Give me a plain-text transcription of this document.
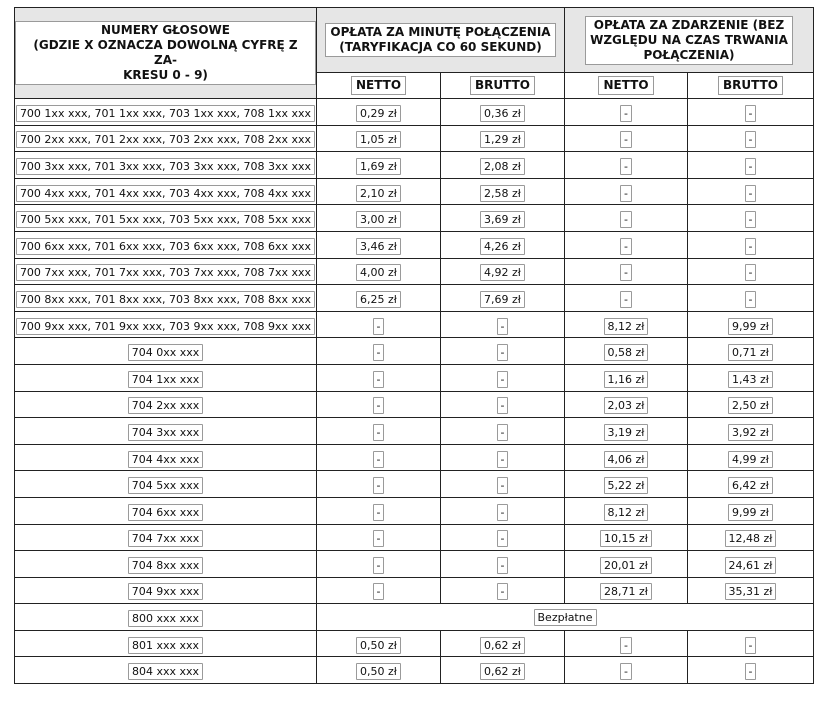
NUMERY GŁOSOWE
(GDZIE X OZNACZA DOWOLNĄ CYFRĘ Z ZA-
KRESU 0 - 9)	OPŁATA ZA MINUTĘ POŁĄCZENIA
(TARYFIKACJA CO 60 SEKUND)		OPŁATA ZA ZDARZENIE (BEZ
WZGLĘDU NA CZAS TRWANIA
POŁĄCZENIA)	
	NETTO	BRUTTO	NETTO	BRUTTO
700 1xx xxx, 701 1xx xxx, 703 1xx xxx, 708 1xx xxx	0,29 zł	0,36 zł	-	-
700 2xx xxx, 701 2xx xxx, 703 2xx xxx, 708 2xx xxx	1,05 zł	1,29 zł	-	-
700 3xx xxx, 701 3xx xxx, 703 3xx xxx, 708 3xx xxx	1,69 zł	2,08 zł	-	-
700 4xx xxx, 701 4xx xxx, 703 4xx xxx, 708 4xx xxx	2,10 zł	2,58 zł	-	-
700 5xx xxx, 701 5xx xxx, 703 5xx xxx, 708 5xx xxx	3,00 zł	3,69 zł	-	-
700 6xx xxx, 701 6xx xxx, 703 6xx xxx, 708 6xx xxx	3,46 zł	4,26 zł	-	-
700 7xx xxx, 701 7xx xxx, 703 7xx xxx, 708 7xx xxx	4,00 zł	4,92 zł	-	-
700 8xx xxx, 701 8xx xxx, 703 8xx xxx, 708 8xx xxx	6,25 zł	7,69 zł	-	-
700 9xx xxx, 701 9xx xxx, 703 9xx xxx, 708 9xx xxx	-	-	8,12 zł	9,99 zł
704 0xx xxx	-	-	0,58 zł	0,71 zł
704 1xx xxx	-	-	1,16 zł	1,43 zł
704 2xx xxx	-	-	2,03 zł	2,50 zł
704 3xx xxx	-	-	3,19 zł	3,92 zł
704 4xx xxx	-	-	4,06 zł	4,99 zł
704 5xx xxx	-	-	5,22 zł	6,42 zł
704 6xx xxx	-	-	8,12 zł	9,99 zł
704 7xx xxx	-	-	10,15 zł	12,48 zł
704 8xx xxx	-	-	20,01 zł	24,61 zł
704 9xx xxx	-	-	28,71 zł	35,31 zł
800 xxx xxx	Bezpłatne			
801 xxx xxx	0,50 zł	0,62 zł	-	-
804 xxx xxx	0,50 zł	0,62 zł	-	-
